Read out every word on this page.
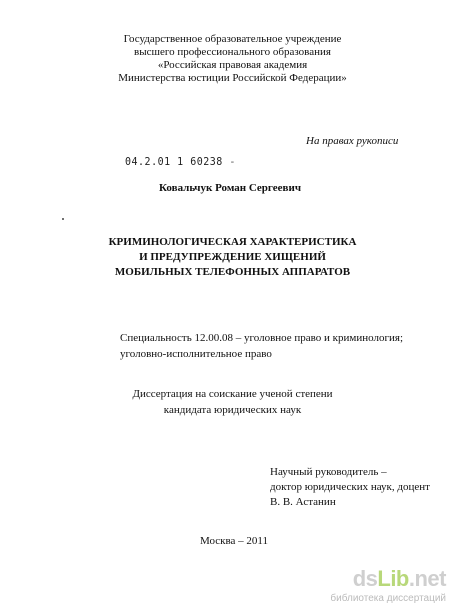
Государственное образовательное учреждение
высшего профессионального образования
«Российская правовая академия
Министерства юстиции Российской Федерации»
На правах рукописи
04.2.01 1 60238 -
Ковальчук Роман Сергеевич
КРИМИНОЛОГИЧЕСКАЯ ХАРАКТЕРИСТИКА
И ПРЕДУПРЕЖДЕНИЕ ХИЩЕНИЙ
МОБИЛЬНЫХ ТЕЛЕФОННЫХ АППАРАТОВ
Специальность 12.00.08 – уголовное право и криминология;
уголовно-исполнительное право
Диссертация на соискание ученой степени
кандидата юридических наук
Научный руководитель –
доктор юридических наук, доцент
В. В. Астанин
Москва – 2011
dsLib.net
библиотека диссертаций
